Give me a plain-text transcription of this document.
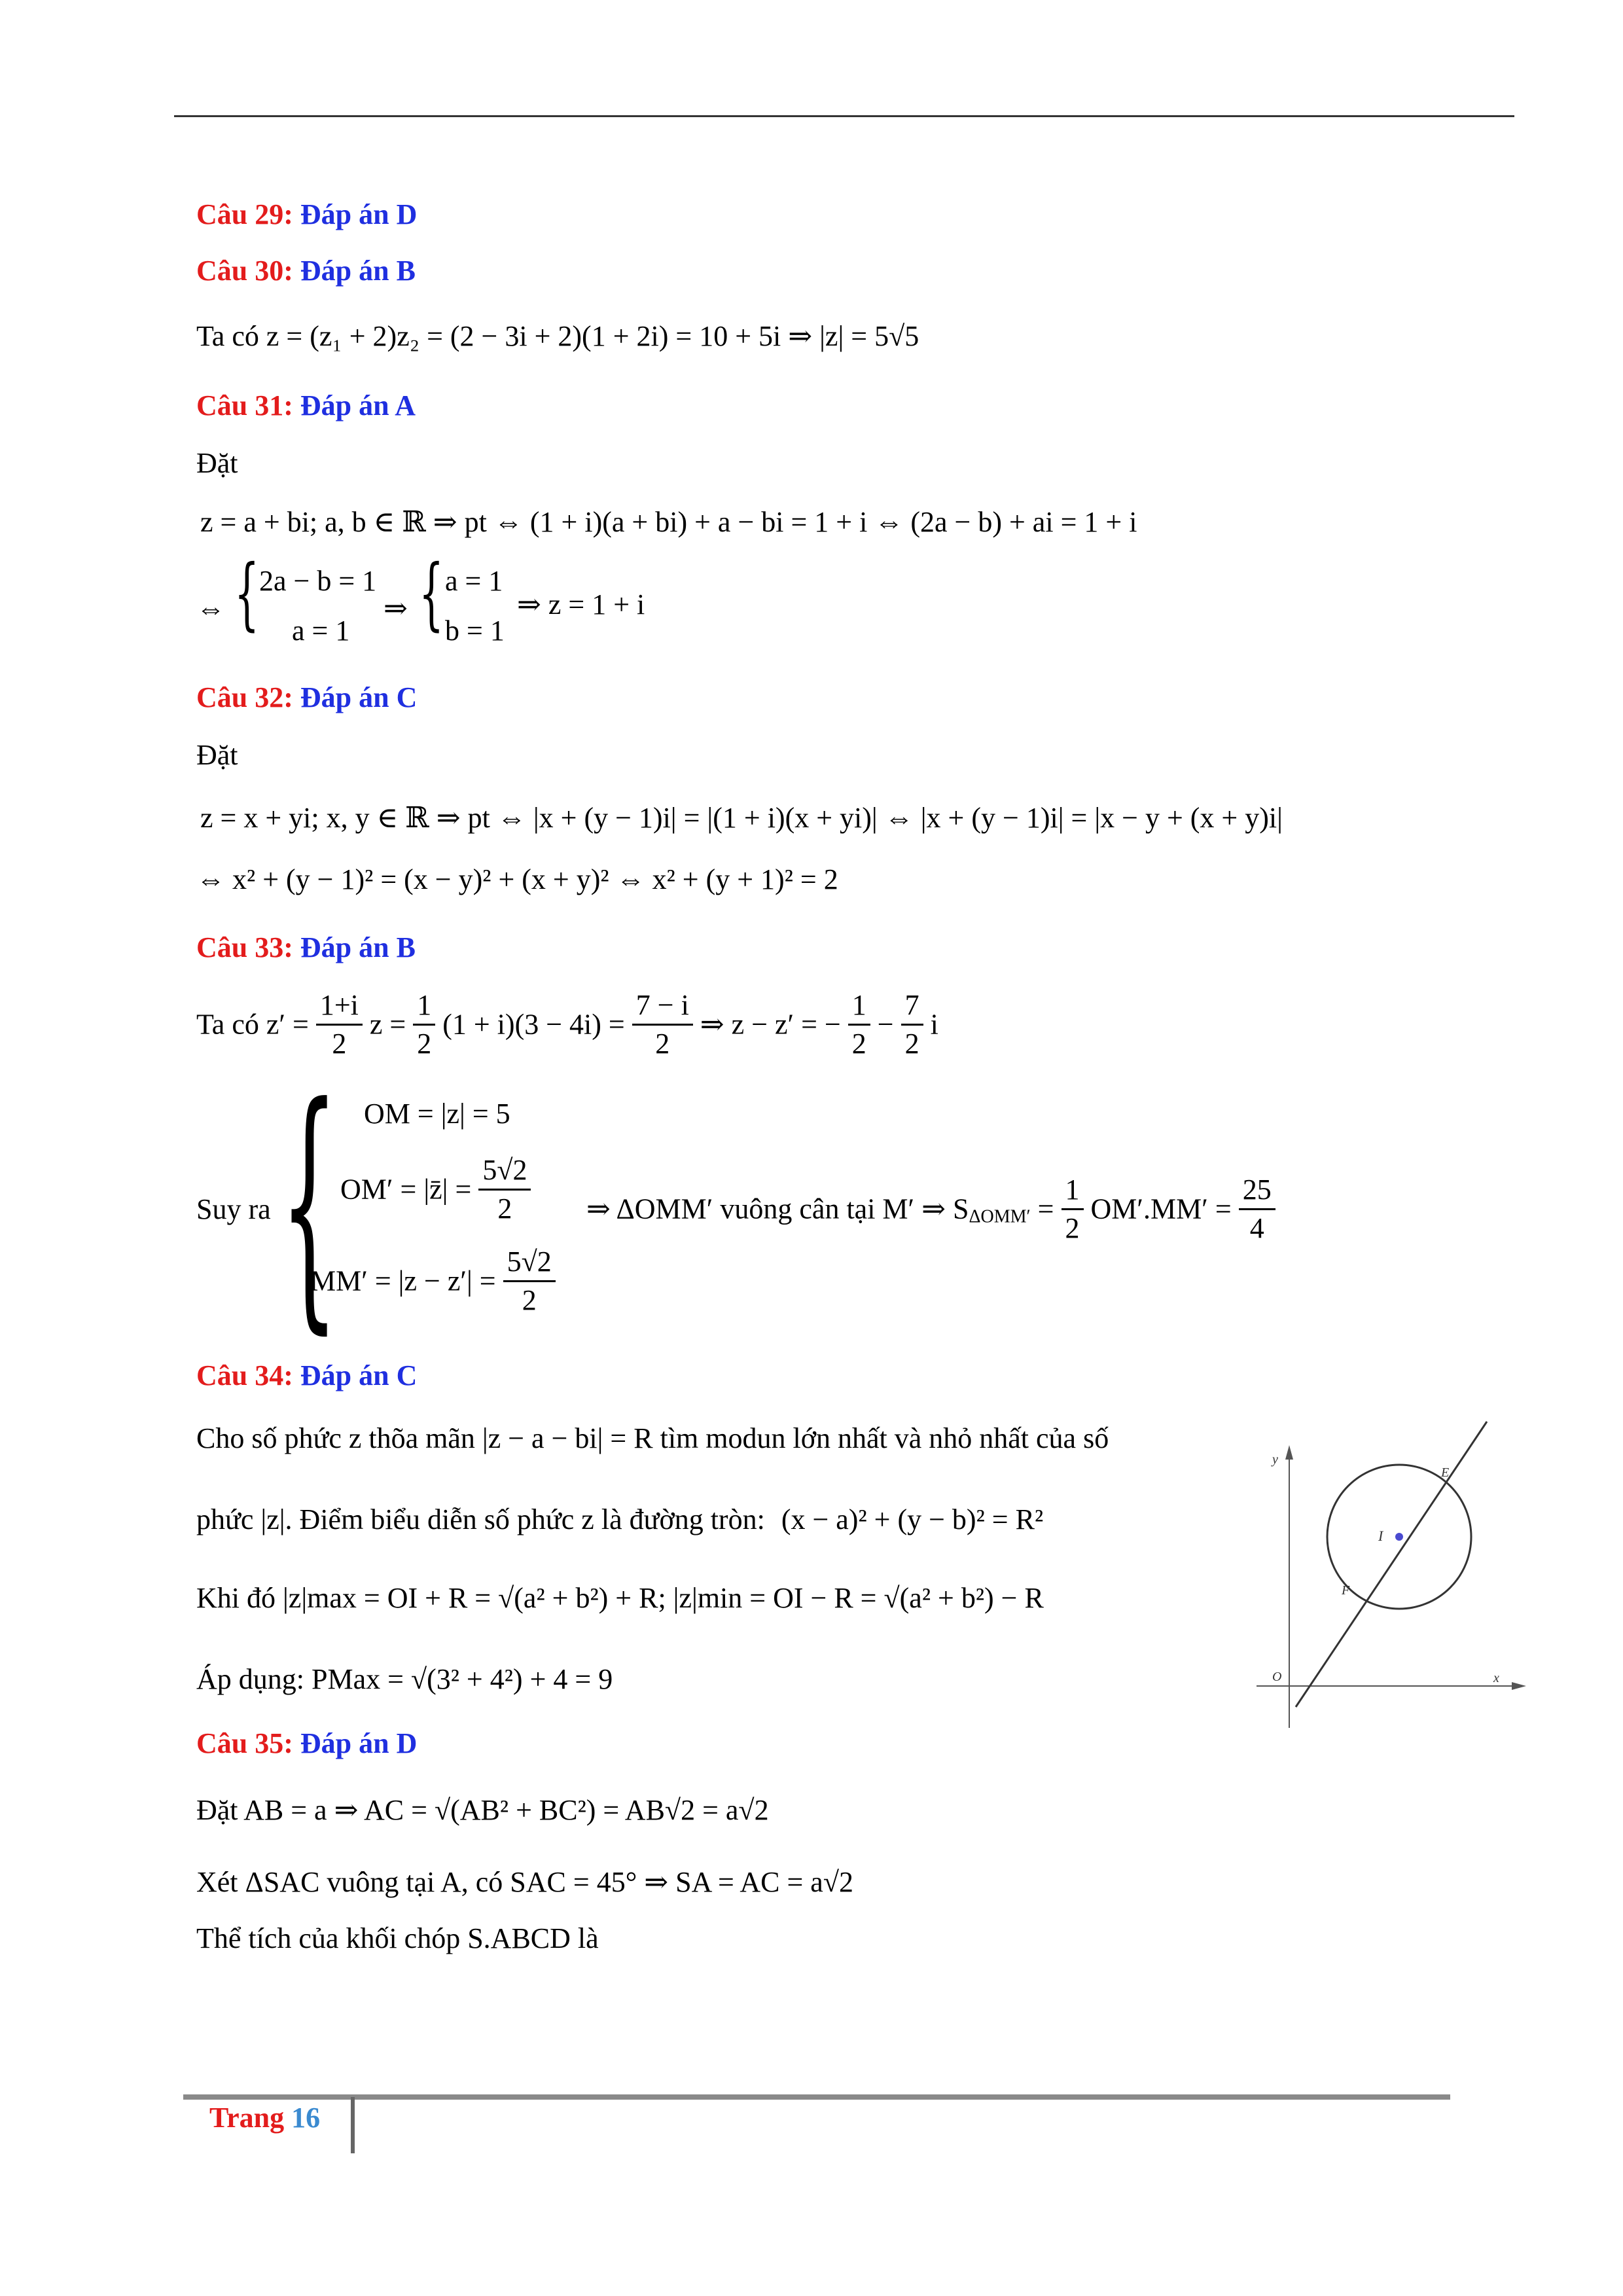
Câu 29: Đáp án D
Câu 30: Đáp án B
Ta có z = (z₁ + 2)z₂ = (2 − 3i + 2)(1 + 2i) = 10 + 5i ⇒ |z| = 5√5
Câu 31: Đáp án A
Đặt
z = a + bi; a, b ∈ ℝ ⇒ pt ⇔ (1 + i)(a + bi) + a − bi = 1 + i ⇔ (2a − b) + ai = 1 + i
⇔ { 2a − b = 1
a = 1
⇒ { a = 1
b = 1
⇒ z = 1 + i
Câu 32: Đáp án C
Đặt
z = x + yi; x, y ∈ ℝ ⇒ pt ⇔ |x + (y − 1)i| = |(1 + i)(x + yi)| ⇔ |x + (y − 1)i| = |x − y + (x + y)i|
⇔ x² + (y − 1)² = (x − y)² + (x + y)² ⇔ x² + (y + 1)² = 2
Câu 33: Đáp án B
Ta có $z' = \frac{1+i}{2}$ $z = \frac{1}{2} (1 + i)(3 - 4i) = \frac{7 - i}{2}$ ⇒ z − z′ = − $\frac{1}{2} - \frac{7}{2}$ i
Suy ra { OM = |z| = 5
OM′ = |z̄| = $\frac{5√2}{2}$
$MM' = |z - z'| = \frac{5√2}{2}$
⇒ ΔOMM′ vuông cân tại M′ ⇒ $S_{\Delta OMM'} = \frac{1}{2} OM'.MM' = \frac{25}{4}$
Câu 34: Đáp án C
Cho số phức z thõa mãn |z − a − bi| = R tìm modun lớn nhất và nhỏ nhất của số
phức |z|. Điểm biểu diễn số phức z là đường tròn: (x − a)² + (y − b)² = R²
Khi đó |z|max = OI + R = √(a² + b²) + R; |z|min = OI − R = √(a² + b²) − R
Áp dụng: PMax = √(3² + 4²) + 4 = 9
y
x
O
E
I
F
Câu 35: Đáp án D
Đặt AB = a ⇒ AC = √(AB² + BC²) = AB√2 = a√2
Xét ΔSAC vuông tại A, có SAC = 45° ⇒ SA = AC = a√2
Thể tích của khối chóp S.ABCD là
Trang 16
